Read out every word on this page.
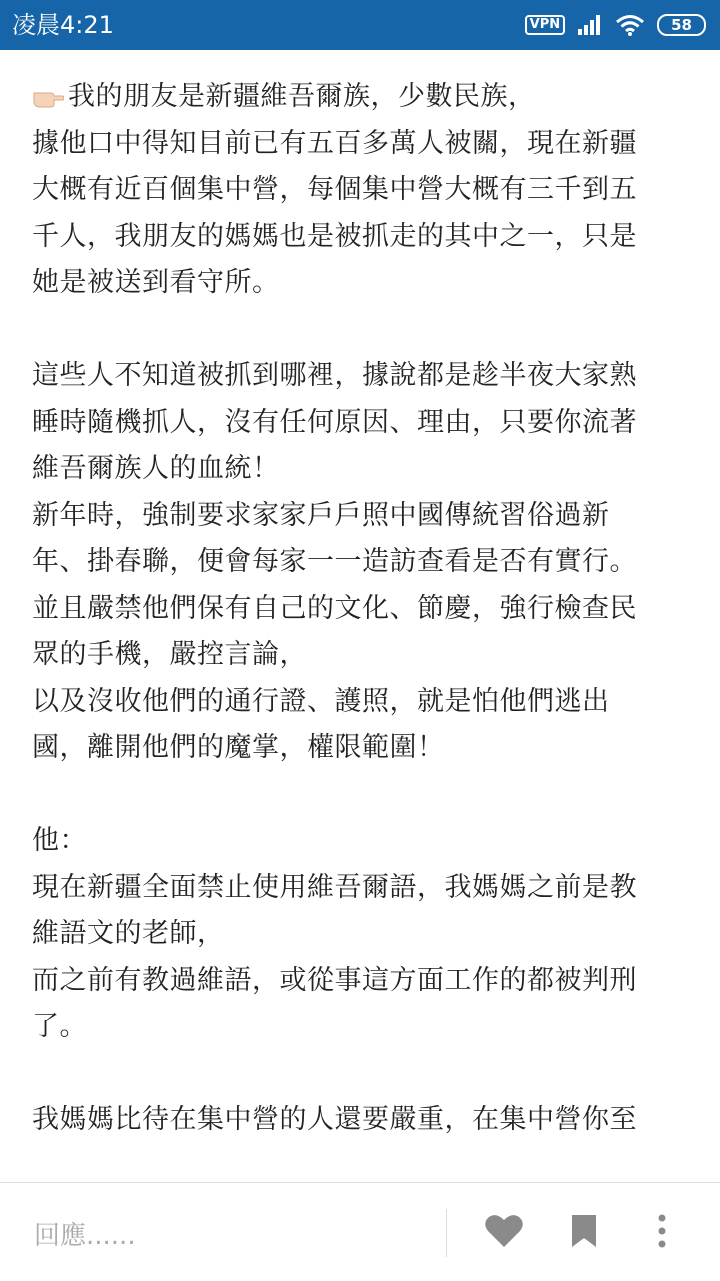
凌晨4:21	VPN	58
我的朋友是新疆維吾爾族，少數民族，
據他口中得知目前已有五百多萬人被關，現在新疆
大概有近百個集中營，每個集中營大概有三千到五
千人，我朋友的媽媽也是被抓走的其中之一，只是
她是被送到看守所。
這些人不知道被抓到哪裡，據說都是趁半夜大家熟
睡時隨機抓人，沒有任何原因、理由，只要你流著
維吾爾族人的血統！
新年時，強制要求家家戶戶照中國傳統習俗過新
年、掛春聯，便會每家一一造訪查看是否有實行。
並且嚴禁他們保有自己的文化、節慶，強行檢查民
眾的手機，嚴控言論，
以及沒收他們的通行證、護照，就是怕他們逃出
國，離開他們的魔掌，權限範圍！
他：
現在新疆全面禁止使用維吾爾語，我媽媽之前是教
維語文的老師，
而之前有教過維語，或從事這方面工作的都被判刑
了。
我媽媽比待在集中營的人還要嚴重，在集中營你至
回應......
